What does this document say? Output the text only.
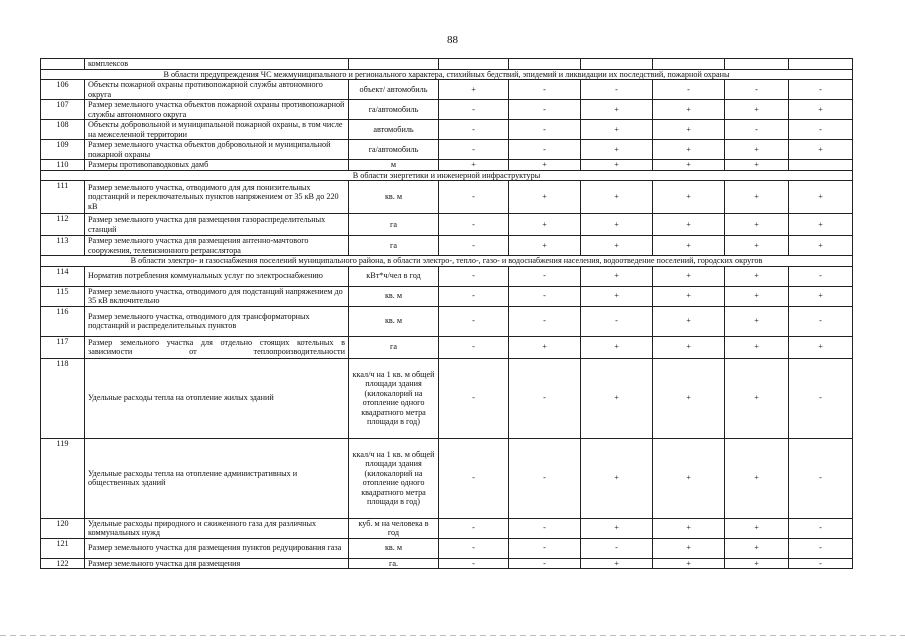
88
	комплексов							
В области предупреждения ЧС межмуниципального и регионального характера, стихийных бедствий, эпидемий и ликвидации их последствий, пожарной охраны								
106	Объекты пожарной охраны противопожарной службы автономного округа	объект/ автомобиль	+	-	-	-	-	-
107	Размер земельного участка объектов пожарной охраны противопожарной службы автономного округа	га/автомобиль	-	-	+	+	+	+
108	Объекты добровольной и муниципальной пожарной охраны, в том числе на межселенной территории	автомобиль	-	-	+	+	-	-
109	Размер земельного участка объектов добровольной и муниципальной пожарной охраны	га/автомобиль	-	-	+	+	+	+
110	Размеры противопаводковых дамб	м	+	+	+	+	+	
В области энергетики и инженерной инфраструктуры								
111	Размер земельного участка, отводимого для для понизительных подстанций и переключательных пунктов напряжением от 35 кВ до 220 кВ	кв. м	-	+	+	+	+	+
112	Размер земельного участка для размещения газораспределительных станций	га	-	+	+	+	+	+
113	Размер земельного участка для размещения антенно-мачтового сооружения, телевизионного ретранслятора	га	-	+	+	+	+	+
В области электро- и газоснабжения поселений муниципального района, в области электро-, тепло-, газо- и водоснабжения населения, водоотведение поселений, городских округов								
114	Норматив потребления коммунальных услуг по электроснабжению	кВт*ч/чел в год	-	-	+	+	+	-
115	Размер земельного участка, отводимого для подстанций напряжением до 35 кВ включительно	кв. м	-	-	+	+	+	+
116	Размер земельного участка, отводимого для трансформаторных подстанций и распределительных пунктов	кв. м	-	-	-	+	+	-
117	Размер земельного участка для отдельно стоящих котельных в зависимости от теплопроизводительности	га	-	+	+	+	+	+
118	Удельные расходы тепла на отопление жилых зданий	ккал/ч на 1 кв. м общей площади здания (килокалорий на отопление одного квадратного метра площади в год)	-	-	+	+	+	-
119	Удельные расходы тепла на отопление административных и общественных зданий	ккал/ч на 1 кв. м общей площади здания (килокалорий на отопление одного квадратного метра площади в год)	-	-	+	+	+	-
120	Удельные расходы природного и сжиженного газа для различных коммунальных нужд	куб. м на человека в год	-	-	+	+	+	-
121	Размер земельного участка для размещения пунктов редуцирования газа	кв. м	-	-	-	+	+	-
122	Размер земельного участка для размещения	га.	-	-	+	+	+	-
